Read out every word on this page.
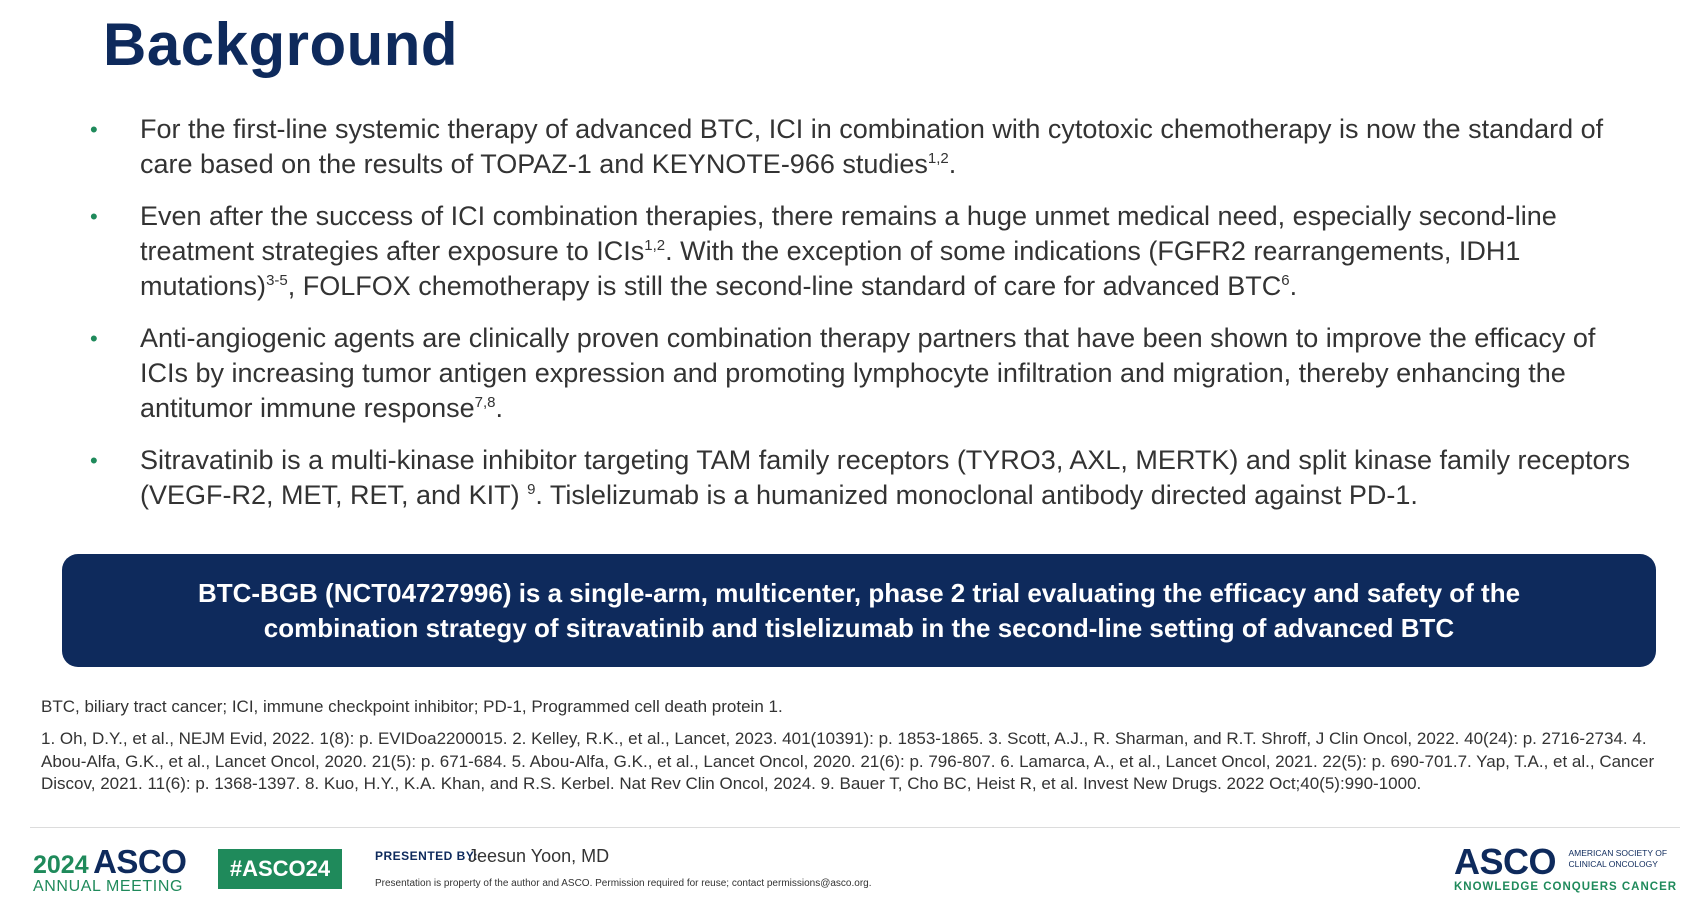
Background
• For the first-line systemic therapy of advanced BTC, ICI in combination with cytotoxic chemotherapy is now the standard of care based on the results of TOPAZ-1 and KEYNOTE-966 studies$^{1,2}$.
• Even after the success of ICI combination therapies, there remains a huge unmet medical need, especially second-line treatment strategies after exposure to ICIs$^{1,2}$. With the exception of some indications (FGFR2 rearrangements, IDH1 mutations)$^{3-5}$, FOLFOX chemotherapy is still the second-line standard of care for advanced BTC$^6$.
• Anti-angiogenic agents are clinically proven combination therapy partners that have been shown to improve the efficacy of ICIs by increasing tumor antigen expression and promoting lymphocyte infiltration and migration, thereby enhancing the antitumor immune response$^{7,8}$.
• Sitravatinib is a multi-kinase inhibitor targeting TAM family receptors (TYRO3, AXL, MERTK) and split kinase family receptors (VEGF-R2, MET, RET, and KIT) $^9$. Tislelizumab is a humanized monoclonal antibody directed against PD-1.
BTC-BGB (NCT04727996) is a single-arm, multicenter, phase 2 trial evaluating the efficacy and safety of the
combination strategy of sitravatinib and tislelizumab in the second-line setting of advanced BTC
BTC, biliary tract cancer; ICI, immune checkpoint inhibitor; PD-1, Programmed cell death protein 1.
1. Oh, D.Y., et al., NEJM Evid, 2022. 1(8): p. EVIDoa2200015. 2. Kelley, R.K., et al., Lancet, 2023. 401(10391): p. 1853-1865. 3. Scott, A.J., R. Sharman, and R.T. Shroff, J Clin Oncol, 2022. 40(24): p. 2716-2734. 4. Abou-Alfa, G.K., et al., Lancet Oncol, 2020. 21(5): p. 671-684. 5. Abou-Alfa, G.K., et al., Lancet Oncol, 2020. 21(6): p. 796-807. 6. Lamarca, A., et al., Lancet Oncol, 2021. 22(5): p. 690-701.7. Yap, T.A., et al., Cancer Discov, 2021. 11(6): p. 1368-1397. 8. Kuo, H.Y., K.A. Khan, and R.S. Kerbel. Nat Rev Clin Oncol, 2024. 9. Bauer T, Cho BC, Heist R, et al. Invest New Drugs. 2022 Oct;40(5):990-1000.
2024 ASCO
ANNUAL MEETING
#ASCO24	PRESENTED BY:
Jeesun Yoon, MD
Presentation is property of the author and ASCO. Permission required for reuse; contact permissions@asco.org.
ASCO AMERICAN SOCIETY OF
CLINICAL ONCOLOGY
KNOWLEDGE CONQUERS CANCER
